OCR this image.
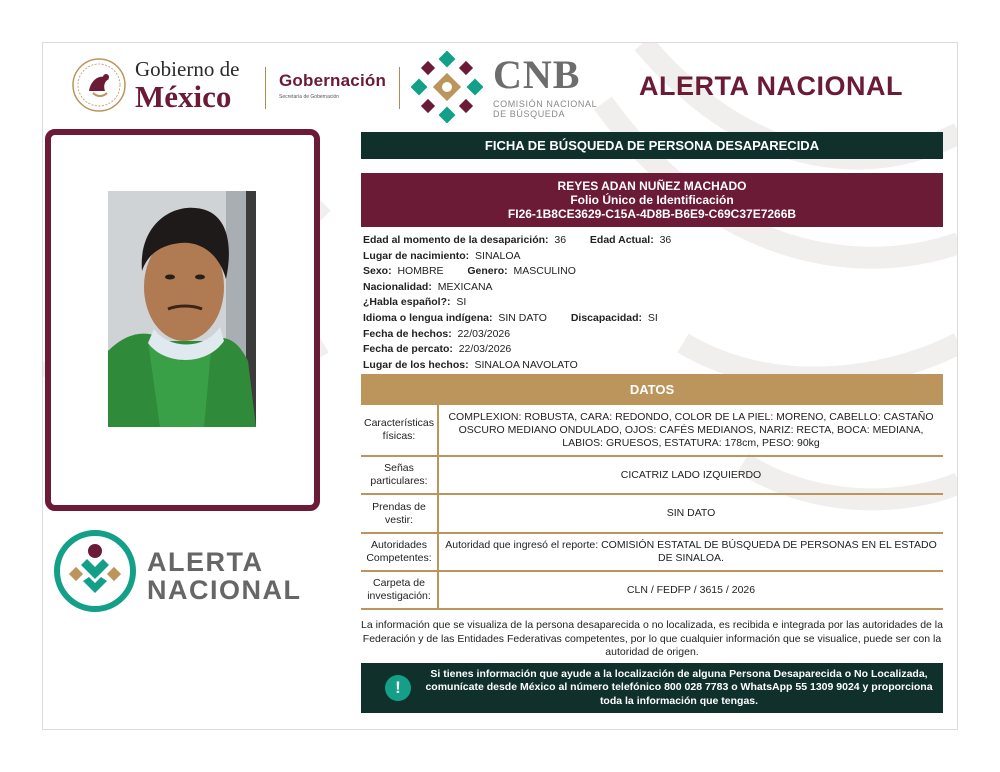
Gobierno de
México	Gobernación
Secretaría de Gobernación	CNB
COMISIÓN NACIONAL
DE BÚSQUEDA
ALERTA NACIONAL
ALERTA
NACIONAL
FICHA DE BÚSQUEDA DE PERSONA DESAPARECIDA
REYES ADAN NUÑEZ MACHADO
Folio Único de Identificación
FI26-1B8CE3629-C15A-4D8B-B6E9-C69C37E7266B
Edad al momento de la desaparición: 36 Edad Actual: 36
Lugar de nacimiento: SINALOA
Sexo: HOMBRE Genero: MASCULINO
Nacionalidad: MEXICANA
¿Habla español?: SI
Idioma o lengua indígena: SIN DATO Discapacidad: SI
Fecha de hechos: 22/03/2026
Fecha de percato: 22/03/2026
Lugar de los hechos: SINALOA NAVOLATO
DATOS
Características físicas:
COMPLEXION: ROBUSTA, CARA: REDONDO, COLOR DE LA PIEL: MORENO, CABELLO: CASTAÑO OSCURO MEDIANO ONDULADO, OJOS: CAFÉS MEDIANOS, NARIZ: RECTA, BOCA: MEDIANA, LABIOS: GRUESOS, ESTATURA: 178cm, PESO: 90kg
Señas particulares:
CICATRIZ LADO IZQUIERDO
Prendas de vestir:
SIN DATO
Autoridades Competentes:
Autoridad que ingresó el reporte: COMISIÓN ESTATAL DE BÚSQUEDA DE PERSONAS EN EL ESTADO DE SINALOA.
Carpeta de investigación:
CLN / FEDFP / 3615 / 2026
La información que se visualiza de la persona desaparecida o no localizada, es recibida e integrada por las autoridades de la Federación y de las Entidades Federativas competentes, por lo que cualquier información que se visualice, puede ser con la autoridad de origen.
!
Si tienes información que ayude a la localización de alguna Persona Desaparecida o No Localizada, comunícate desde México al número telefónico 800 028 7783 o WhatsApp 55 1309 9024 y proporciona toda la información que tengas.
